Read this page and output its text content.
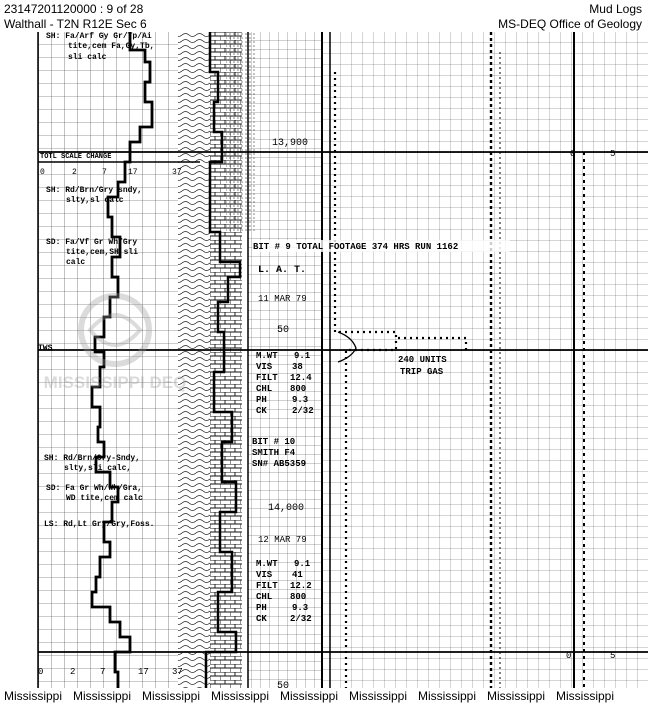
23147201120000 : 9 of 28
Walthall - T2N R12E Sec 6
Mud Logs
MS-DEQ Office of Geology
TOTL SCALE CHANGE
0	2	7	17	37
0	2	7	17	37
0	5
0	5
TWS
SH: Fa/Arf Gy Gr/Tp/Ai
tite,cem Fa,Gy,Tb,
sli calc
SH: Rd/Brn/Gry sndy,
slty,sl calc
SD: Fa/Vf Gr Wh/Gry
tite,cem,SH,sli
calc
SH: Rd/Brn/Gry-Sndy,
slty,sli calc,
SD: Fa Gr Wh/Wh/Gra,
WD tite,cem calc
LS: Rd,Lt Gry/Gry,Foss.
13,900
50
14,000
50
BIT # 9 TOTAL FOOTAGE 374 HRS RUN 1162
L. A. T.
11 MAR 79
M.WT 9.1
VIS 38
FILT 12.4
CHL 800
PH	9.3
CK	2/32
240 UNITS
TRIP GAS
BIT # 10
SMITH F4
SN# AB5359
12 MAR 79
M.WT 9.1
VIS 41
FILT 12.2
CHL 800
PH	9.3
CK	2/32
MISSISSIPPI DEQ
Mississippi Mississippi Mississippi Mississippi Mississippi Mississippi Mississippi Mississippi Mississippi
